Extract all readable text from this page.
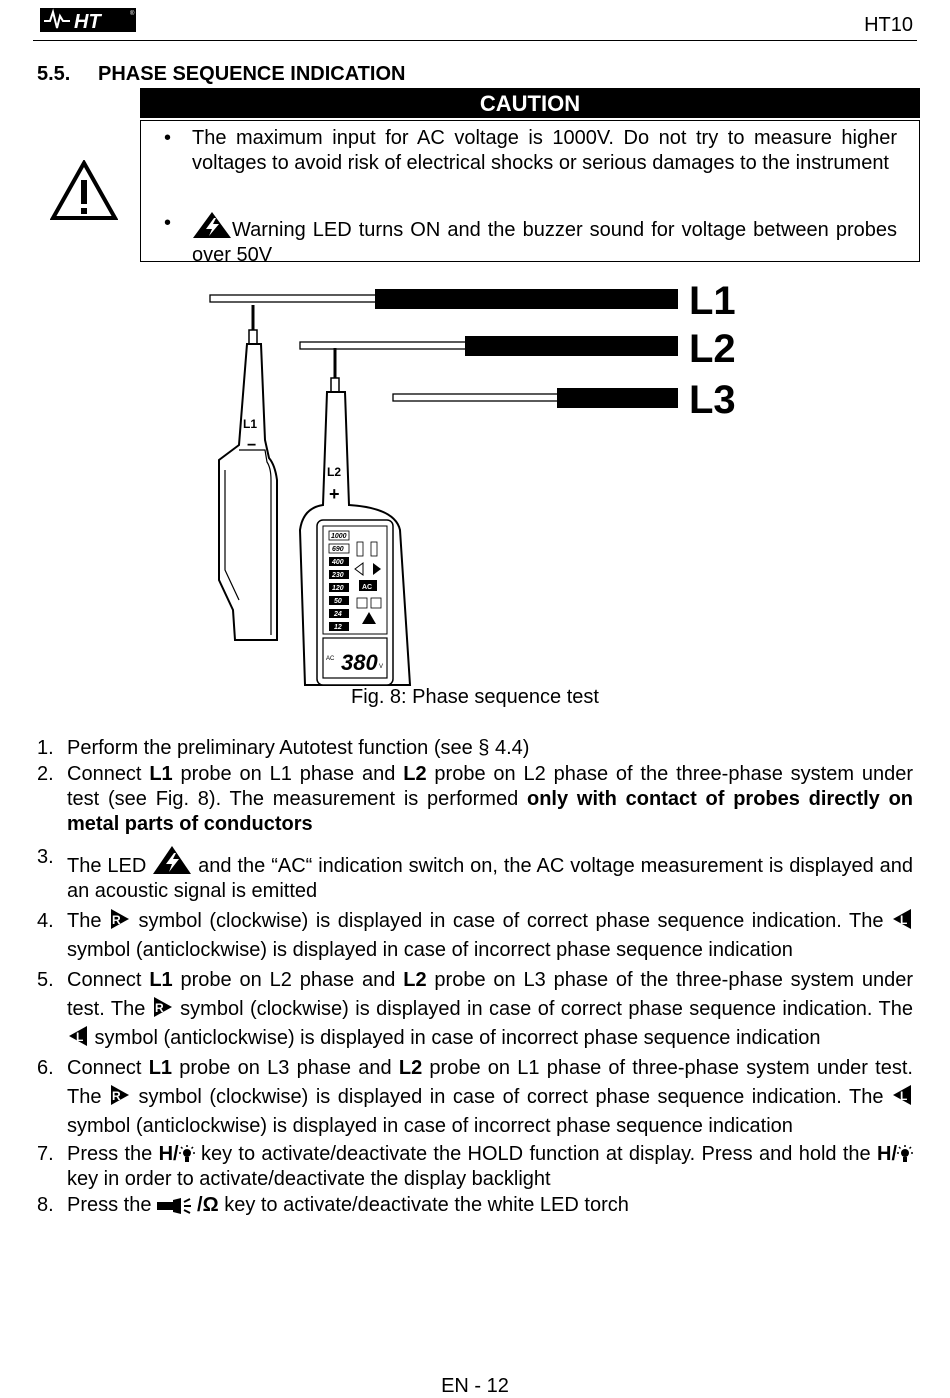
HT	®	HT10
5.5. PHASE SEQUENCE INDICATION
CAUTION
• The maximum input for AC voltage is 1000V. Do not try to measure higher voltages to avoid risk of electrical shocks or serious damages to the instrument
•	Warning LED turns ON and the buzzer sound for voltage between probes over 50V
L1
L2
L3
L1
−
L2
+
1000
690
400
230
120
50
24
12
AC
AC 380 V
Fig. 8: Phase sequence test
1. Perform the preliminary Autotest function (see § 4.4)
2. Connect L1 probe on L1 phase and L2 probe on L2 phase of the three-phase system under test (see Fig. 8). The measurement is performed only with contact of probes directly on metal parts of conductors
3. The LED  and the “AC“ indication switch on, the AC voltage measurement is displayed and an acoustic signal is emitted
4. The R symbol (clockwise) is displayed in case of correct phase sequence indication. The L
symbol (anticlockwise) is displayed in case of incorrect phase sequence indication
5. Connect L1 probe on L2 phase and L2 probe on L3 phase of the three-phase system under test. The R symbol (clockwise) is displayed in case of correct phase sequence indication. The
L symbol (anticlockwise) is displayed in case of incorrect phase sequence indication
6. Connect L1 probe on L3 phase and L2 probe on L1 phase of three-phase system under test. The R symbol (clockwise) is displayed in case of correct phase sequence indication. The L
symbol (anticlockwise) is displayed in case of incorrect phase sequence indication
7. Press the H/ key to activate/deactivate the HOLD function at display. Press and hold the H/ key in order to activate/deactivate the display backlight
8. Press the /Ω key to activate/deactivate the white LED torch
EN - 12
